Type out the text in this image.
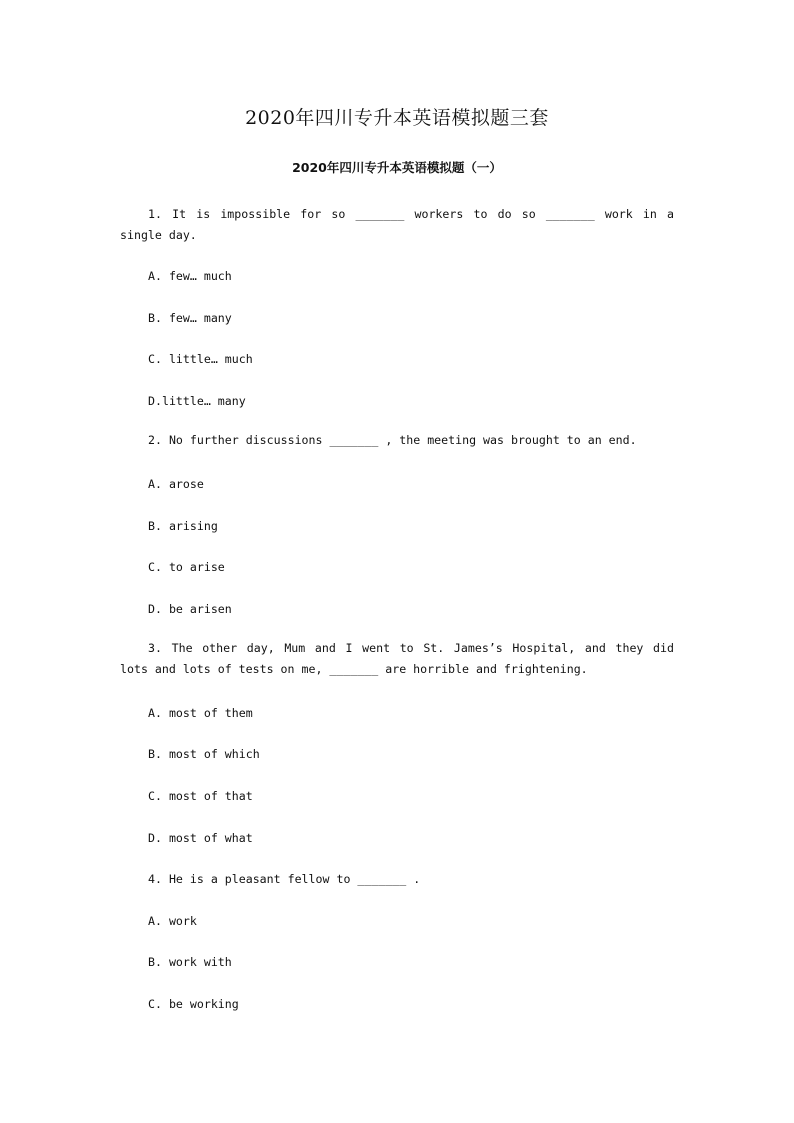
2020年四川专升本英语模拟题三套
2020年四川专升本英语模拟题（一）
1. It is impossible for so _______ workers to do so _______ work in a
single day.
A. few… much
B. few… many
C. little… much
D.little… many
2. No further discussions _______ , the meeting was brought to an end.
A. arose
B. arising
C. to arise
D. be arisen
3. The other day, Mum and I went to St. James’s Hospital, and they did
lots and lots of tests on me, _______ are horrible and frightening.
A. most of them
B. most of which
C. most of that
D. most of what
4. He is a pleasant fellow to _______ .
A. work
B. work with
C. be working
